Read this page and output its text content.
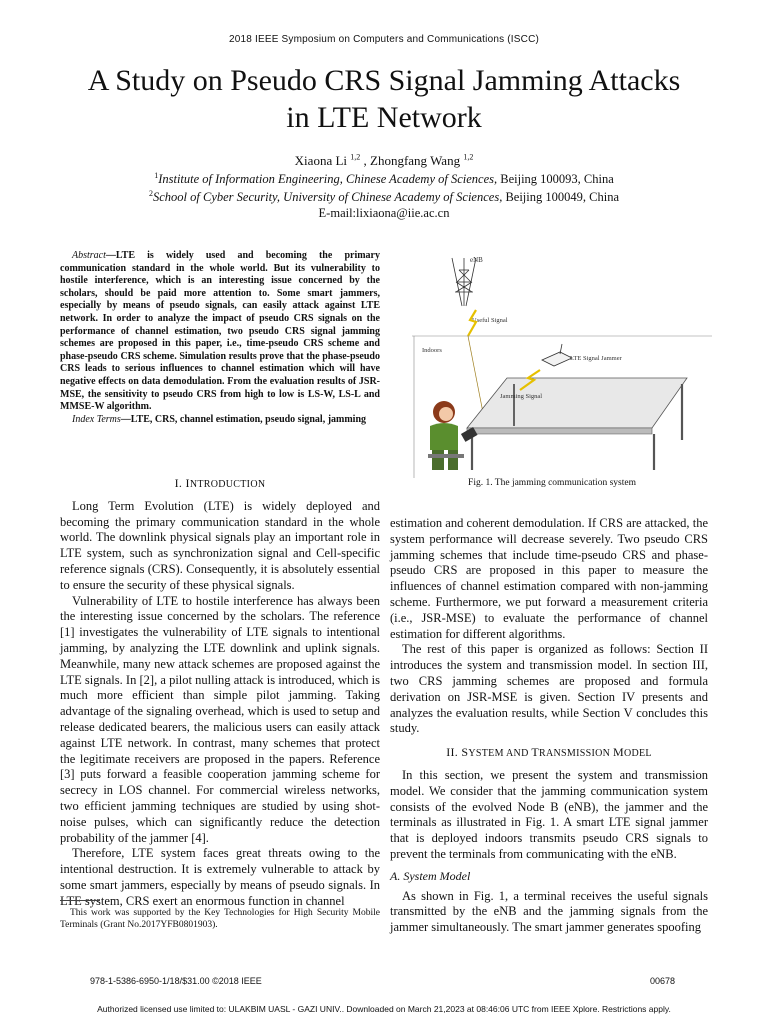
2018 IEEE Symposium on Computers and Communications (ISCC)
A Study on Pseudo CRS Signal Jamming Attacks
in LTE Network
Xiaona Li $^{1,2}$ , Zhongfang Wang $^{1,2}$
$^1$Institute of Information Engineering, Chinese Academy of Sciences, Beijing 100093, China
$^2$School of Cyber Security, University of Chinese Academy of Sciences, Beijing 100049, China
E-mail:lixiaona@iie.ac.cn

Abstract—LTE is widely used and becoming the primary communication standard in the whole world. But its vulnerability to hostile interference, which is an interesting issue concerned by the scholars, should be paid more attention to. Some smart jammers, especially by means of pseudo signals, can easily attack against LTE network. In order to analyze the impact of pseudo CRS signals on the performance of channel estimation, two pseudo CRS signal jamming schemes are proposed in this paper, i.e., time-pseudo CRS scheme and phase-pseudo CRS scheme. Simulation results prove that the phase-pseudo CRS leads to serious influences to channel estimation which will have negative effects on data demodulation. From the evaluation results of JSR-MSE, the sensitivity to pseudo CRS from high to low is LS-W, LS-L and MMSE-W algorithm.

Index Terms—LTE, CRS, channel estimation, pseudo signal, jamming

I. INTRODUCTION

Long Term Evolution (LTE) is widely deployed and becoming the primary communication standard in the whole world. The downlink physical signals play an important role in LTE system, such as synchronization signal and Cell-specific reference signals (CRS). Consequently, it is absolutely essential to ensure the security of these physical signals.

Vulnerability of LTE to hostile interference has always been the interesting issue concerned by the scholars. The reference [1] investigates the vulnerability of LTE signals to intentional jamming, by analyzing the LTE downlink and uplink signals. Meanwhile, many new attack schemes are proposed against the LTE signals. In [2], a pilot nulling attack is introduced, which is much more efficient than simple pilot jamming. Taking advantage of the signaling overhead, which is used to setup and release dedicated bearers, the malicious users can easily attack against LTE network. In contrast, many schemes that protect the legitimate receivers are proposed in the papers. Reference [3] puts forward a feasible cooperation jamming scheme for secrecy in LOS channel. For commercial wireless networks, two efficient jamming techniques are studied by using shot-noise pulses, which can significantly reduce the detection probability of the jammer [4].

Therefore, LTE system faces great threats owing to the intentional destruction. It is extremely vulnerable to attack by some smart jammers, especially by means of pseudo signals. In LTE system, CRS exert an enormous function in channel

This work was supported by the Key Technologies for High Security Mobile Terminals (Grant No.2017YFB0801903).

eNB
Useful Signal
Indoors
LTE Signal Jammer
Jamming Signal
Fig. 1. The jamming communication system

estimation and coherent demodulation. If CRS are attacked, the system performance will decrease severely. Two pseudo CRS jamming schemes that include time-pseudo CRS and phase-pseudo CRS are proposed in this paper to measure the influences of channel estimation compared with non-jamming scheme. Furthermore, we put forward a measurement criteria (i.e., JSR-MSE) to evaluate the performance of channel estimation for different algorithms.

The rest of this paper is organized as follows: Section II introduces the system and transmission model. In section III, two CRS jamming schemes are proposed and formula derivation on JSR-MSE is given. Section IV presents and analyzes the evaluation results, while Section V concludes this study.

II. SYSTEM AND TRANSMISSION MODEL

In this section, we present the system and transmission model. We consider that the jamming communication system consists of the evolved Node B (eNB), the jammer and the terminals as illustrated in Fig. 1. A smart LTE signal jammer that is deployed indoors transmits pseudo CRS signals to prevent the terminals from communicating with the eNB.

A. System Model

As shown in Fig. 1, a terminal receives the useful signals transmitted by the eNB and the jamming signals from the jammer simultaneously. The smart jammer generates spoofing

978-1-5386-6950-1/18/$31.00 ©2018 IEEE	00678
Authorized licensed use limited to: ULAKBIM UASL - GAZI UNIV.. Downloaded on March 21,2023 at 08:46:06 UTC from IEEE Xplore. Restrictions apply.
